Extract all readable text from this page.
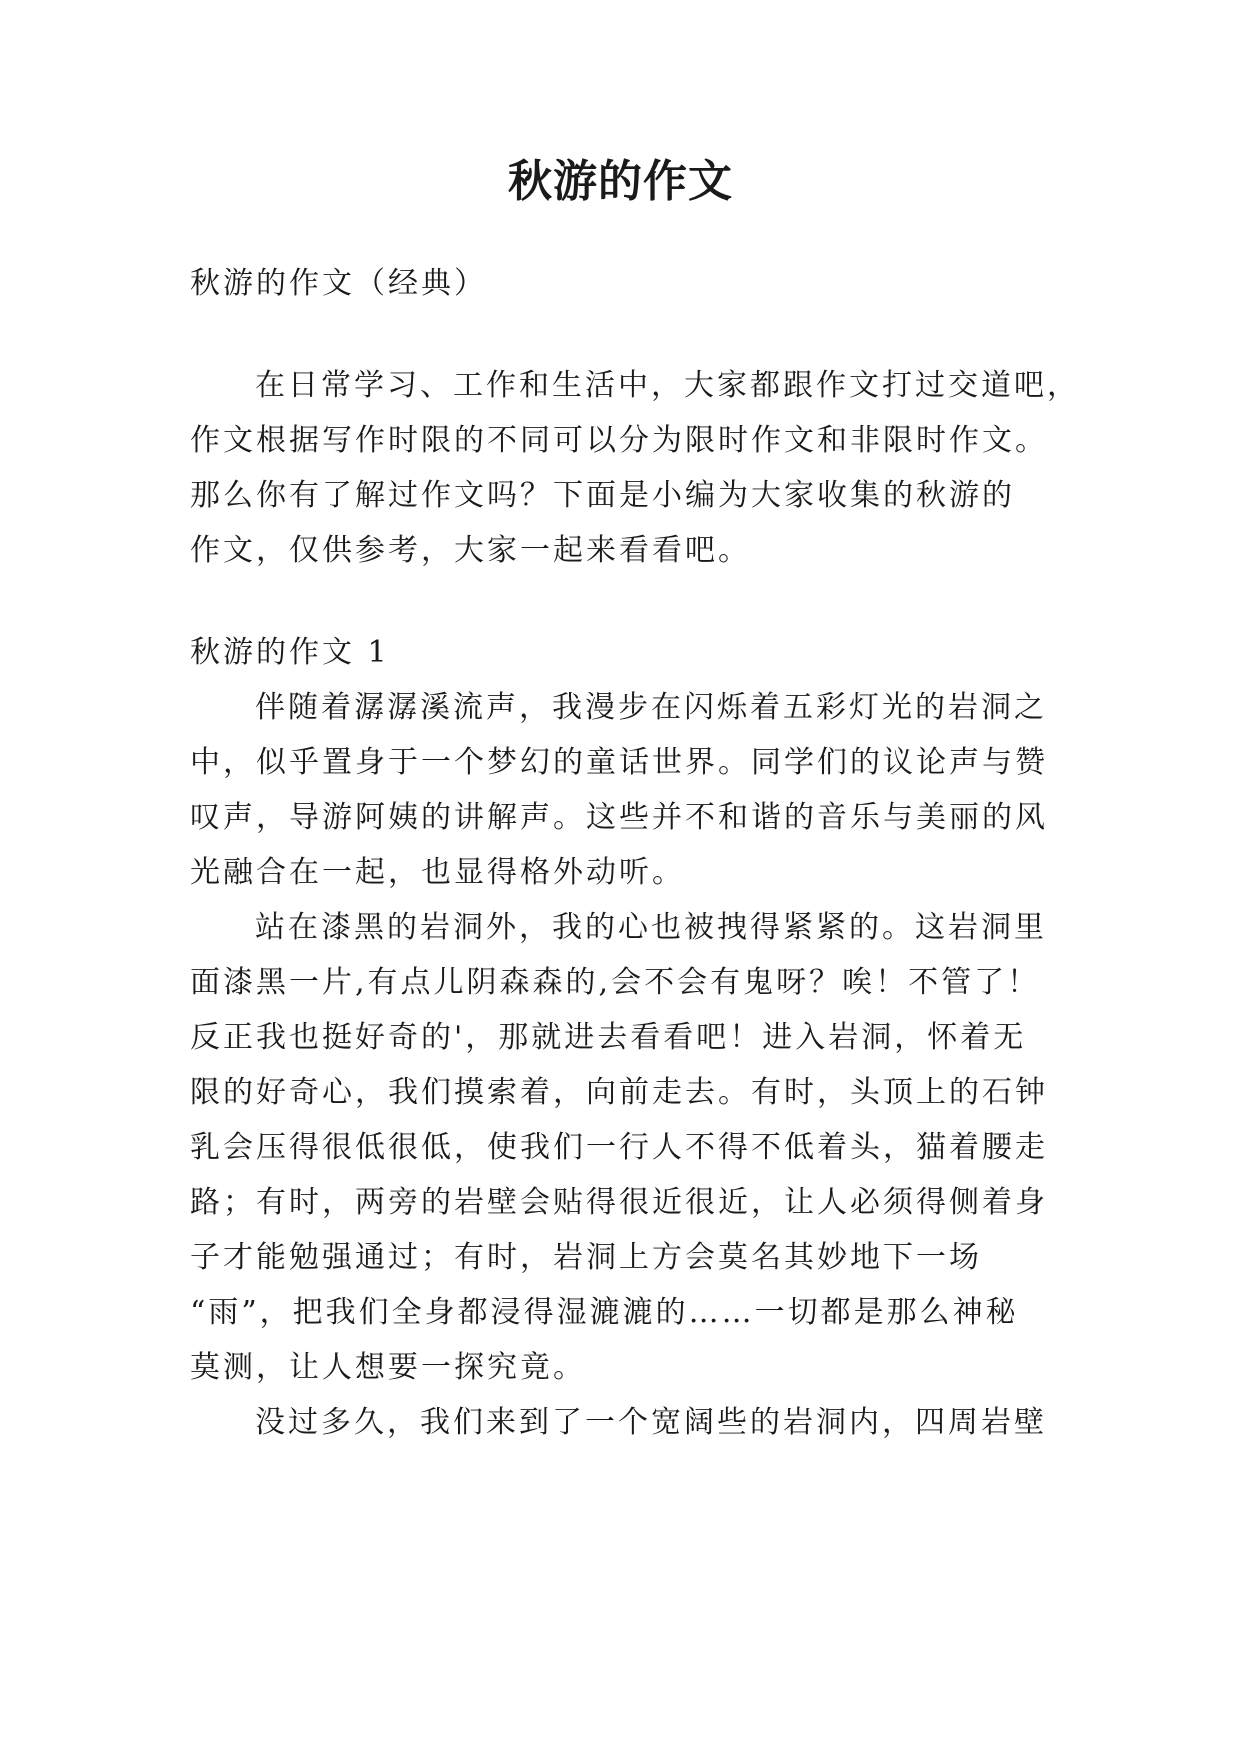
秋游的作文
秋游的作文（经典）
在日常学习、工作和生活中，大家都跟作文打过交道吧，
作文根据写作时限的不同可以分为限时作文和非限时作文。
那么你有了解过作文吗？下面是小编为大家收集的秋游的
作文，仅供参考，大家一起来看看吧。
秋游的作文 1
伴随着潺潺溪流声，我漫步在闪烁着五彩灯光的岩洞之
中，似乎置身于一个梦幻的童话世界。同学们的议论声与赞
叹声，导游阿姨的讲解声。这些并不和谐的音乐与美丽的风
光融合在一起，也显得格外动听。
站在漆黑的岩洞外，我的心也被拽得紧紧的。这岩洞里
面漆黑一片,有点儿阴森森的,会不会有鬼呀？唉！不管了！
反正我也挺好奇的'，那就进去看看吧！进入岩洞，怀着无
限的好奇心，我们摸索着，向前走去。有时，头顶上的石钟
乳会压得很低很低，使我们一行人不得不低着头，猫着腰走
路；有时，两旁的岩壁会贴得很近很近，让人必须得侧着身
子才能勉强通过；有时，岩洞上方会莫名其妙地下一场
“雨”，把我们全身都浸得湿漉漉的……一切都是那么神秘
莫测，让人想要一探究竟。
没过多久，我们来到了一个宽阔些的岩洞内，四周岩壁
